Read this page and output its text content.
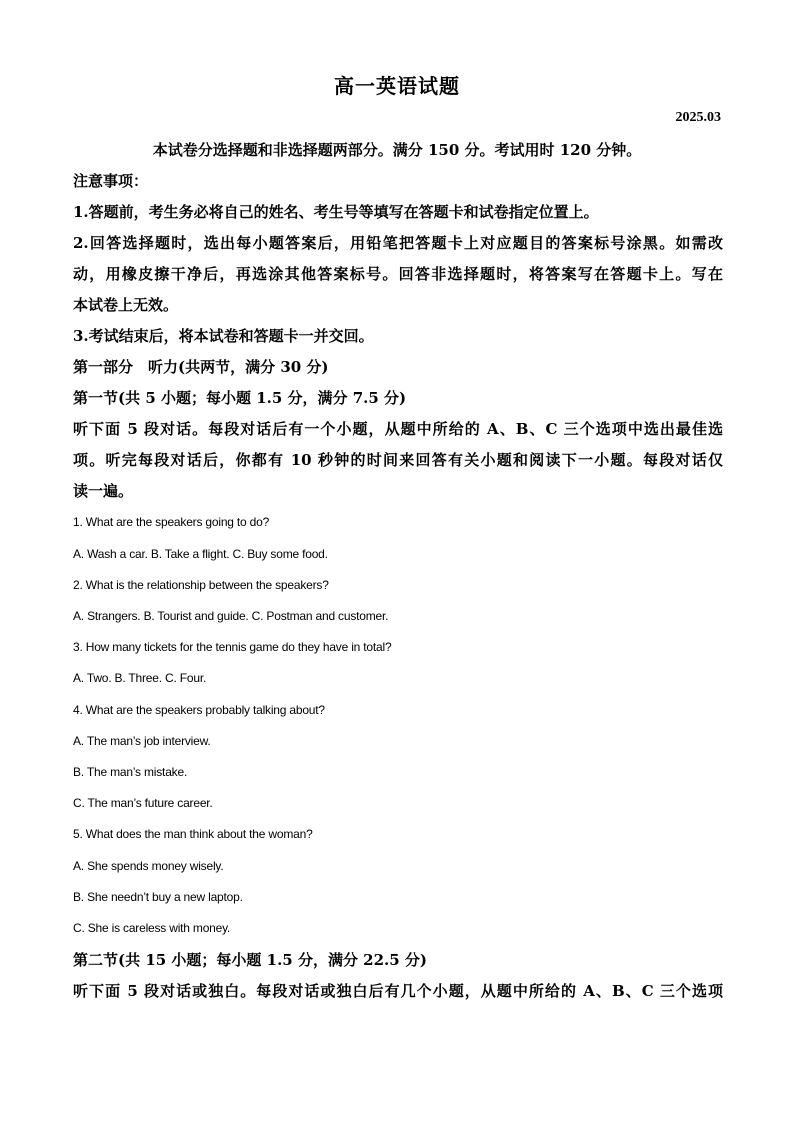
高一英语试题
2025.03
本试卷分选择题和非选择题两部分。满分 150 分。考试用时 120 分钟。
注意事项：
1.答题前，考生务必将自己的姓名、考生号等填写在答题卡和试卷指定位置上。
2.回答选择题时，选出每小题答案后，用铅笔把答题卡上对应题目的答案标号涂黑。如需改
动，用橡皮擦干净后，再选涂其他答案标号。回答非选择题时，将答案写在答题卡上。写在
本试卷上无效。
3.考试结束后，将本试卷和答题卡一并交回。
第一部分　听力(共两节，满分 30 分)
第一节(共 5 小题；每小题 1.5 分，满分 7.5 分)
听下面 5 段对话。每段对话后有一个小题，从题中所给的 A、B、C 三个选项中选出最佳选
项。听完每段对话后，你都有 10 秒钟的时间来回答有关小题和阅读下一小题。每段对话仅
读一遍。
1. What are the speakers going to do?
A. Wash a car. B. Take a flight. C. Buy some food.
2. What is the relationship between the speakers?
A. Strangers. B. Tourist and guide. C. Postman and customer.
3. How many tickets for the tennis game do they have in total?
A. Two. B. Three. C. Four.
4. What are the speakers probably talking about?
A. The man’s job interview.
B. The man’s mistake.
C. The man’s future career.
5. What does the man think about the woman?
A. She spends money wisely.
B. She needn’t buy a new laptop.
C. She is careless with money.
第二节(共 15 小题；每小题 1.5 分，满分 22.5 分)
听下面 5 段对话或独白。每段对话或独白后有几个小题，从题中所给的 A、B、C 三个选项
